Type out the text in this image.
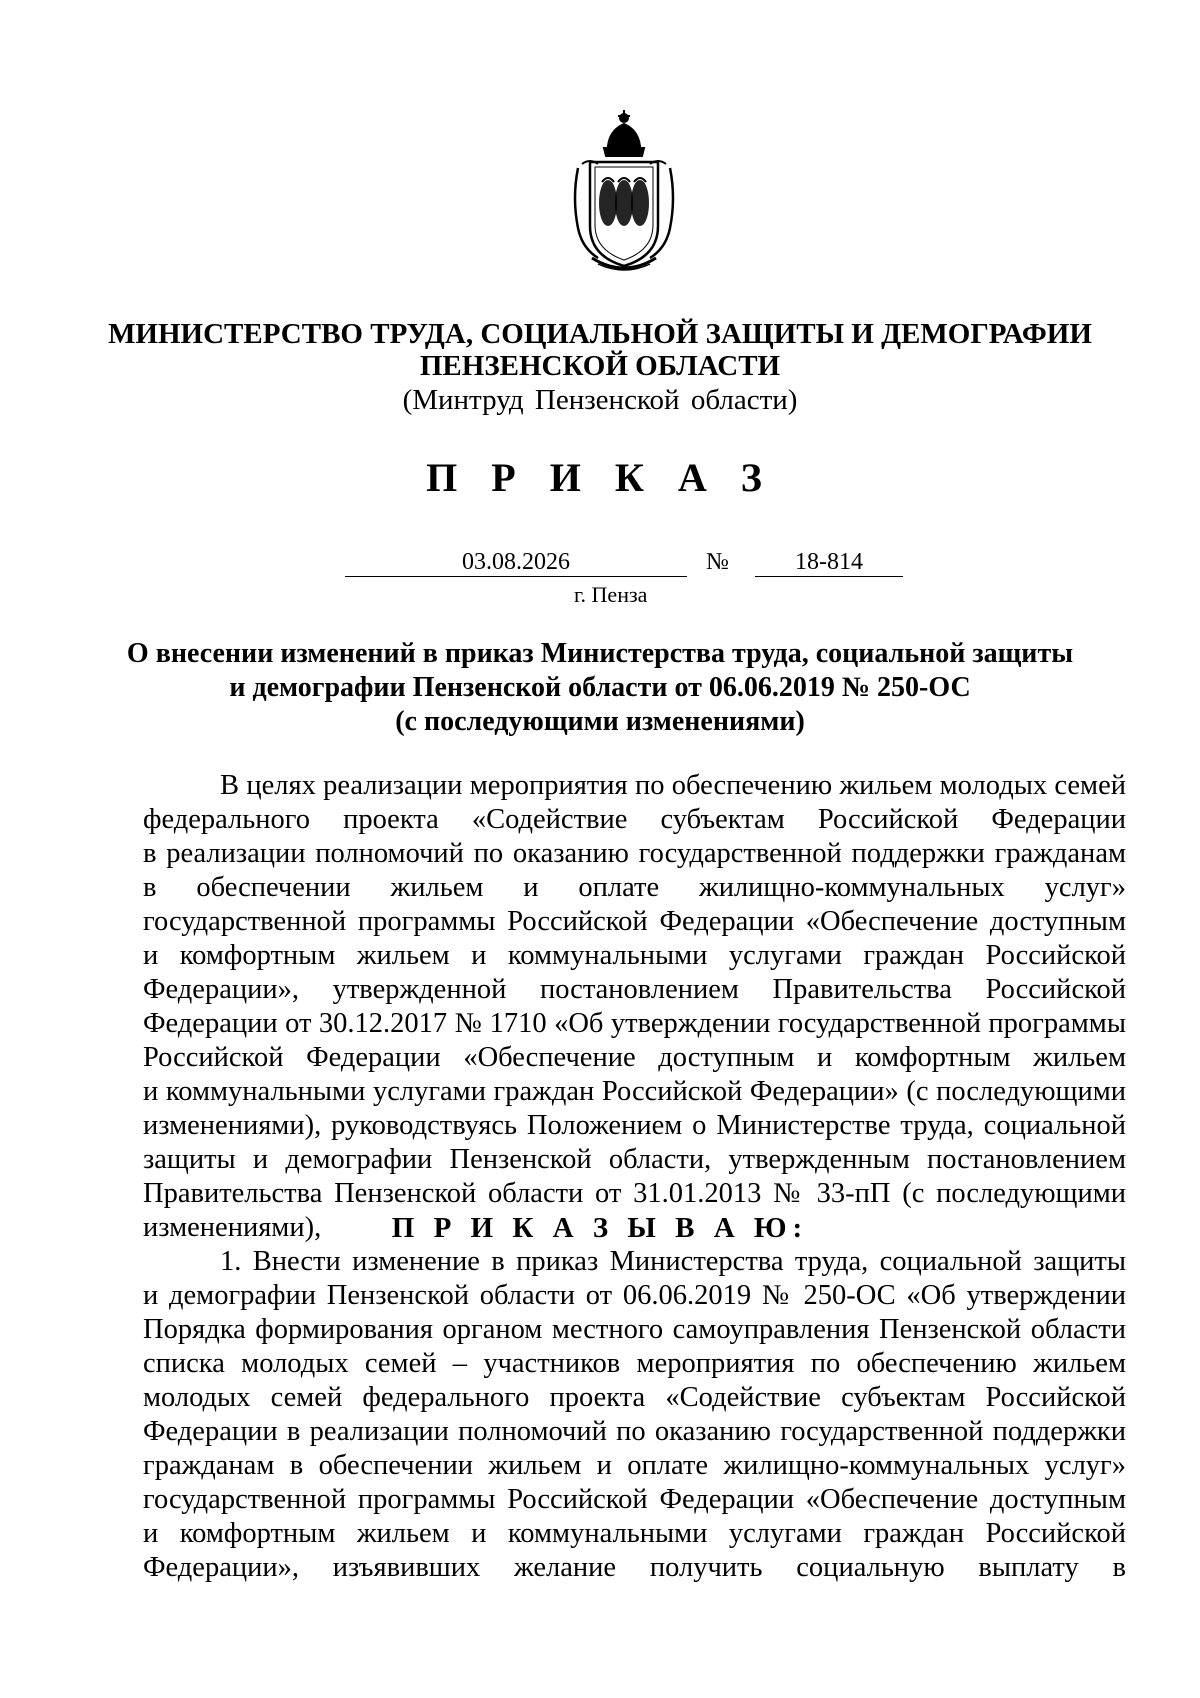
МИНИСТЕРСТВО ТРУДА, СОЦИАЛЬНОЙ ЗАЩИТЫ И ДЕМОГРАФИИ
ПЕНЗЕНСКОЙ ОБЛАСТИ
(Минтруд Пензенской области)
П Р И К А З
03.08.2026	№	18-814
г. Пенза
О внесении изменений в приказ Министерства труда, социальной защиты
и демографии Пензенской области от 06.06.2019 № 250-ОС
(с последующими изменениями)
В целях реализации мероприятия по обеспечению жильем молодых семей
федерального проекта «Содействие субъектам Российской Федерации
в реализации полномочий по оказанию государственной поддержки гражданам
в обеспечении жильем и оплате жилищно-коммунальных услуг»
государственной программы Российской Федерации «Обеспечение доступным
и комфортным жильем и коммунальными услугами граждан Российской
Федерации», утвержденной постановлением Правительства Российской
Федерации от 30.12.2017 № 1710 «Об утверждении государственной программы
Российской Федерации «Обеспечение доступным и комфортным жильем
и коммунальными услугами граждан Российской Федерации» (с последующими
изменениями), руководствуясь Положением о Министерстве труда, социальной
защиты и демографии Пензенской области, утвержденным постановлением
Правительства Пензенской области от 31.01.2013 № 33-пП (с последующими
изменениями),	П Р И К А З Ы В А Ю:
1. Внести изменение в приказ Министерства труда, социальной защиты
и демографии Пензенской области от 06.06.2019 № 250-ОС «Об утверждении
Порядка формирования органом местного самоуправления Пензенской области
списка молодых семей – участников мероприятия по обеспечению жильем
молодых семей федерального проекта «Содействие субъектам Российской
Федерации в реализации полномочий по оказанию государственной поддержки
гражданам в обеспечении жильем и оплате жилищно-коммунальных услуг»
государственной программы Российской Федерации «Обеспечение доступным
и комфортным жильем и коммунальными услугами граждан Российской
Федерации», изъявивших желание получить социальную выплату в
